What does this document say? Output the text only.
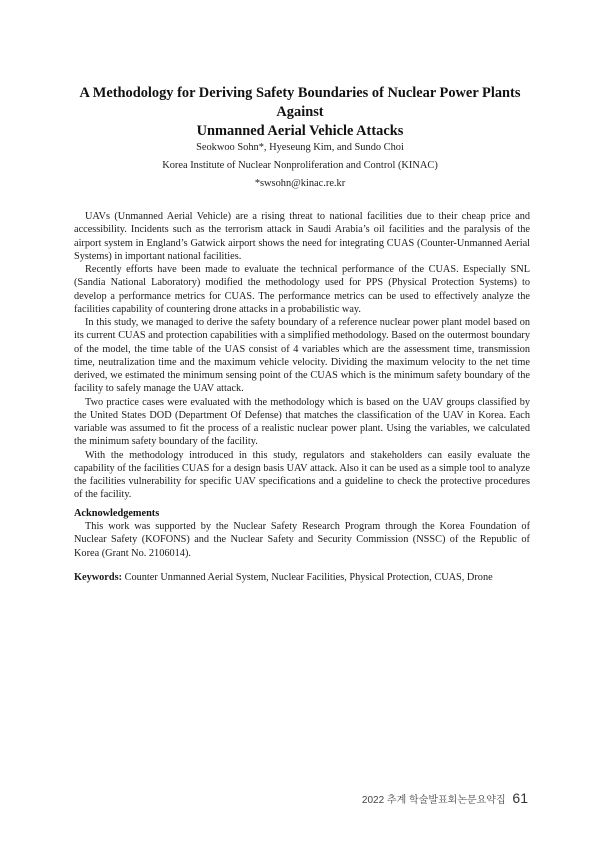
A Methodology for Deriving Safety Boundaries of Nuclear Power Plants Against
Unmanned Aerial Vehicle Attacks
Seokwoo Sohn*, Hyeseung Kim, and Sundo Choi
Korea Institute of Nuclear Nonproliferation and Control (KINAC)
*swsohn@kinac.re.kr

UAVs (Unmanned Aerial Vehicle) are a rising threat to national facilities due to their cheap price and accessibility. Incidents such as the terrorism attack in Saudi Arabia’s oil facilities and the paralysis of the airport system in England’s Gatwick airport shows the need for integrating CUAS (Counter-Unmanned Aerial Systems) in important national facilities.

Recently efforts have been made to evaluate the technical performance of the CUAS. Especially SNL (Sandia National Laboratory) modified the methodology used for PPS (Physical Protection Systems) to develop a performance metrics for CUAS. The performance metrics can be used to effectively analyze the facilities capability of countering drone attacks in a probabilistic way.

In this study, we managed to derive the safety boundary of a reference nuclear power plant model based on its current CUAS and protection capabilities with a simplified methodology. Based on the outermost boundary of the model, the time table of the UAS consist of 4 variables which are the assessment time, transmission time, neutralization time and the maximum vehicle velocity. Dividing the maximum velocity to the net time derived, we estimated the minimum sensing point of the CUAS which is the minimum safety boundary of the facility to safely manage the UAV attack.

Two practice cases were evaluated with the methodology which is based on the UAV groups classified by the United States DOD (Department Of Defense) that matches the classification of the UAV in Korea. Each variable was assumed to fit the process of a realistic nuclear power plant. Using the variables, we calculated the minimum safety boundary of the facility.

With the methodology introduced in this study, regulators and stakeholders can easily evaluate the capability of the facilities CUAS for a design basis UAV attack. Also it can be used as a simple tool to analyze the facilities vulnerability for specific UAV specifications and a guideline to check the protective procedures of the facility.

Acknowledgements

This work was supported by the Nuclear Safety Research Program through the Korea Foundation of Nuclear Safety (KOFONS) and the Nuclear Safety and Security Commission (NSSC) of the Republic of Korea (Grant No. 2106014).

Keywords: Counter Unmanned Aerial System, Nuclear Facilities, Physical Protection, CUAS, Drone
2022 추계 학술발표회논문요약집 61
